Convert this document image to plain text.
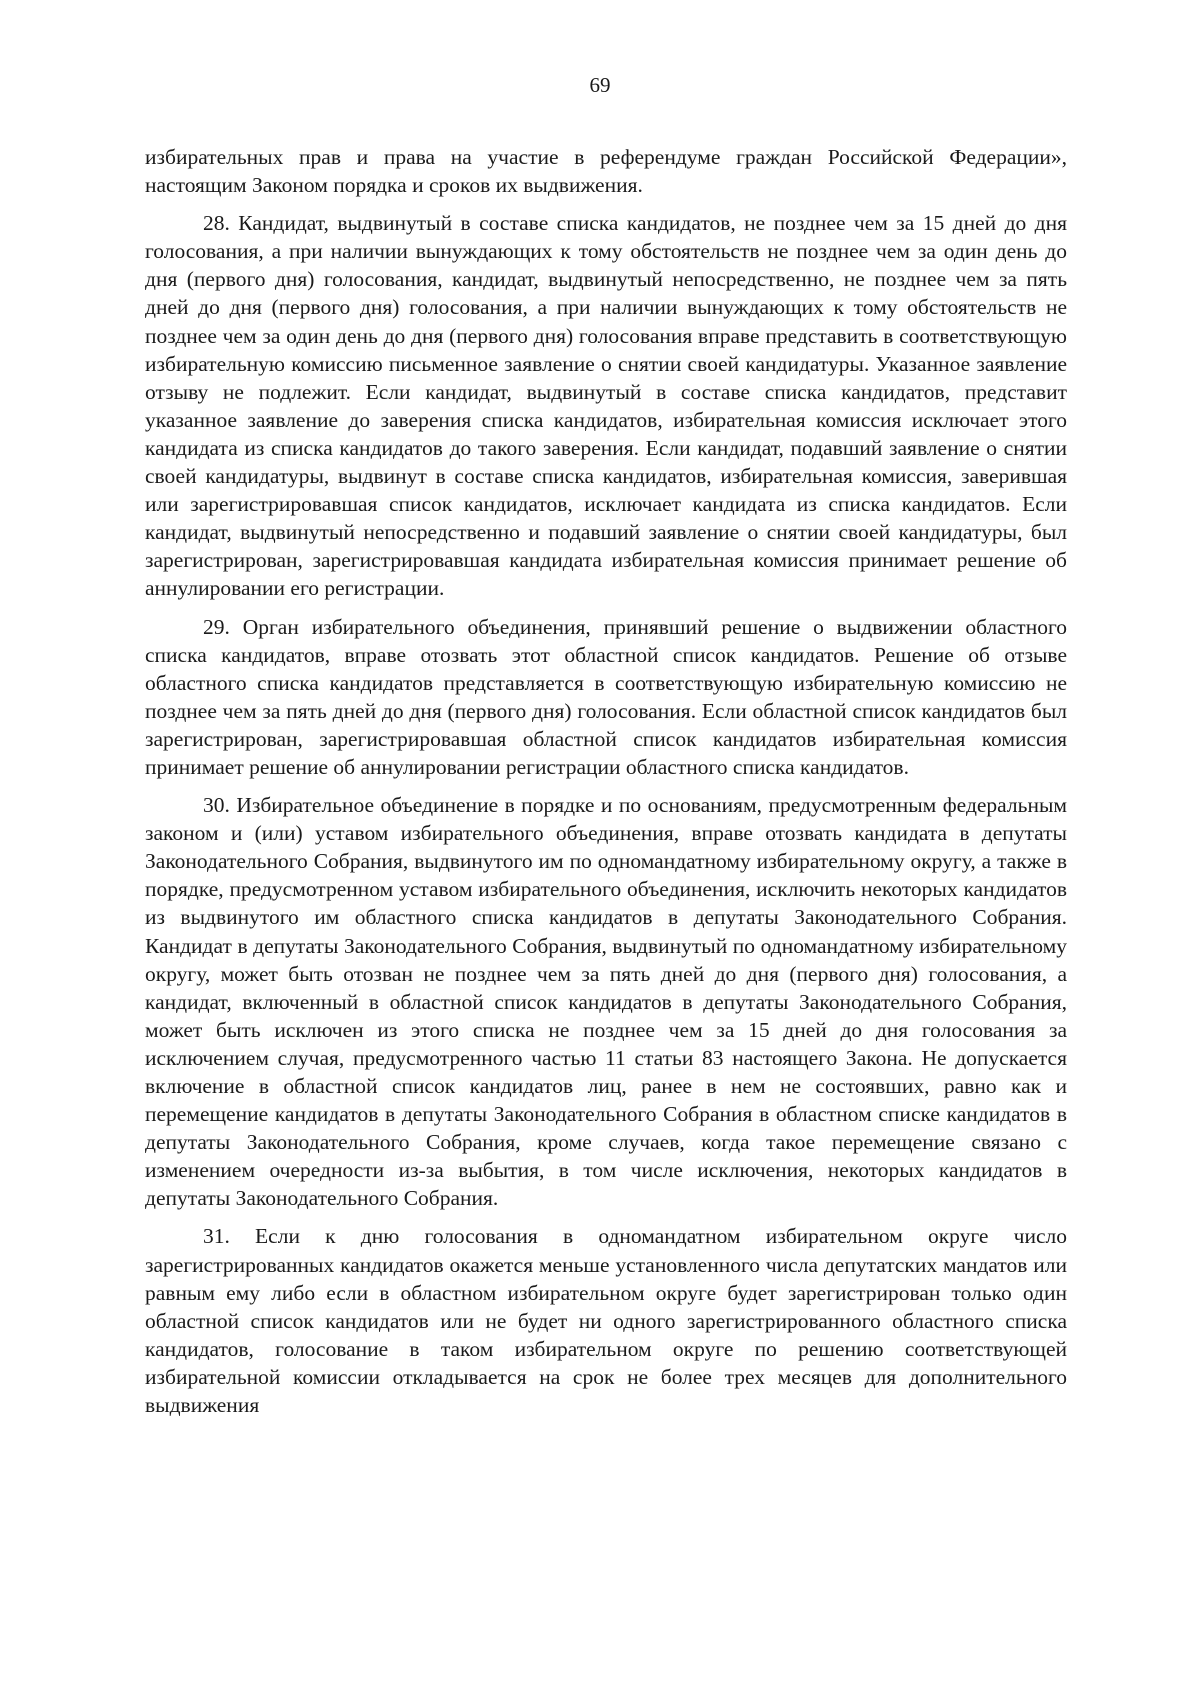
69

избирательных прав и права на участие в референдуме граждан Российской Федерации», настоящим Законом порядка и сроков их выдвижения.

28. Кандидат, выдвинутый в составе списка кандидатов, не позднее чем за 15 дней до дня голосования, а при наличии вынуждающих к тому обстоятельств не позднее чем за один день до дня (первого дня) голосования, кандидат, выдвинутый непосредственно, не позднее чем за пять дней до дня (первого дня) голосования, а при наличии вынуждающих к тому обстоятельств не позднее чем за один день до дня (первого дня) голосования вправе представить в соответствующую избирательную комиссию письменное заявление о снятии своей кандидатуры. Указанное заявление отзыву не подлежит. Если кандидат, выдвинутый в составе списка кандидатов, представит указанное заявление до заверения списка кандидатов, избирательная комиссия исключает этого кандидата из списка кандидатов до такого заверения. Если кандидат, подавший заявление о снятии своей кандидатуры, выдвинут в составе списка кандидатов, избирательная комиссия, заверившая или зарегистрировавшая список кандидатов, исключает кандидата из списка кандидатов. Если кандидат, выдвинутый непосредственно и подавший заявление о снятии своей кандидатуры, был зарегистрирован, зарегистрировавшая кандидата избирательная комиссия принимает решение об аннулировании его регистрации.

29. Орган избирательного объединения, принявший решение о выдвижении областного списка кандидатов, вправе отозвать этот областной список кандидатов. Решение об отзыве областного списка кандидатов представляется в соответствующую избирательную комиссию не позднее чем за пять дней до дня (первого дня) голосования. Если областной список кандидатов был зарегистрирован, зарегистрировавшая областной список кандидатов избирательная комиссия принимает решение об аннулировании регистрации областного списка кандидатов.

30. Избирательное объединение в порядке и по основаниям, предусмотренным федеральным законом и (или) уставом избирательного объединения, вправе отозвать кандидата в депутаты Законодательного Собрания, выдвинутого им по одномандатному избирательному округу, а также в порядке, предусмотренном уставом избирательного объединения, исключить некоторых кандидатов из выдвинутого им областного списка кандидатов в депутаты Законодательного Собрания. Кандидат в депутаты Законодательного Собрания, выдвинутый по одномандатному избирательному округу, может быть отозван не позднее чем за пять дней до дня (первого дня) голосования, а кандидат, включенный в областной список кандидатов в депутаты Законодательного Собрания, может быть исключен из этого списка не позднее чем за 15 дней до дня голосования за исключением случая, предусмотренного частью 11 статьи 83 настоящего Закона. Не допускается включение в областной список кандидатов лиц, ранее в нем не состоявших, равно как и перемещение кандидатов в депутаты Законодательного Собрания в областном списке кандидатов в депутаты Законодательного Собрания, кроме случаев, когда такое перемещение связано с изменением очередности из-за выбытия, в том числе исключения, некоторых кандидатов в депутаты Законодательного Собрания.

31. Если к дню голосования в одномандатном избирательном округе число зарегистрированных кандидатов окажется меньше установленного числа депутатских мандатов или равным ему либо если в областном избирательном округе будет зарегистрирован только один областной список кандидатов или не будет ни одного зарегистрированного областного списка кандидатов, голосование в таком избирательном округе по решению соответствующей избирательной комиссии откладывается на срок не более трех месяцев для дополнительного выдвижения
